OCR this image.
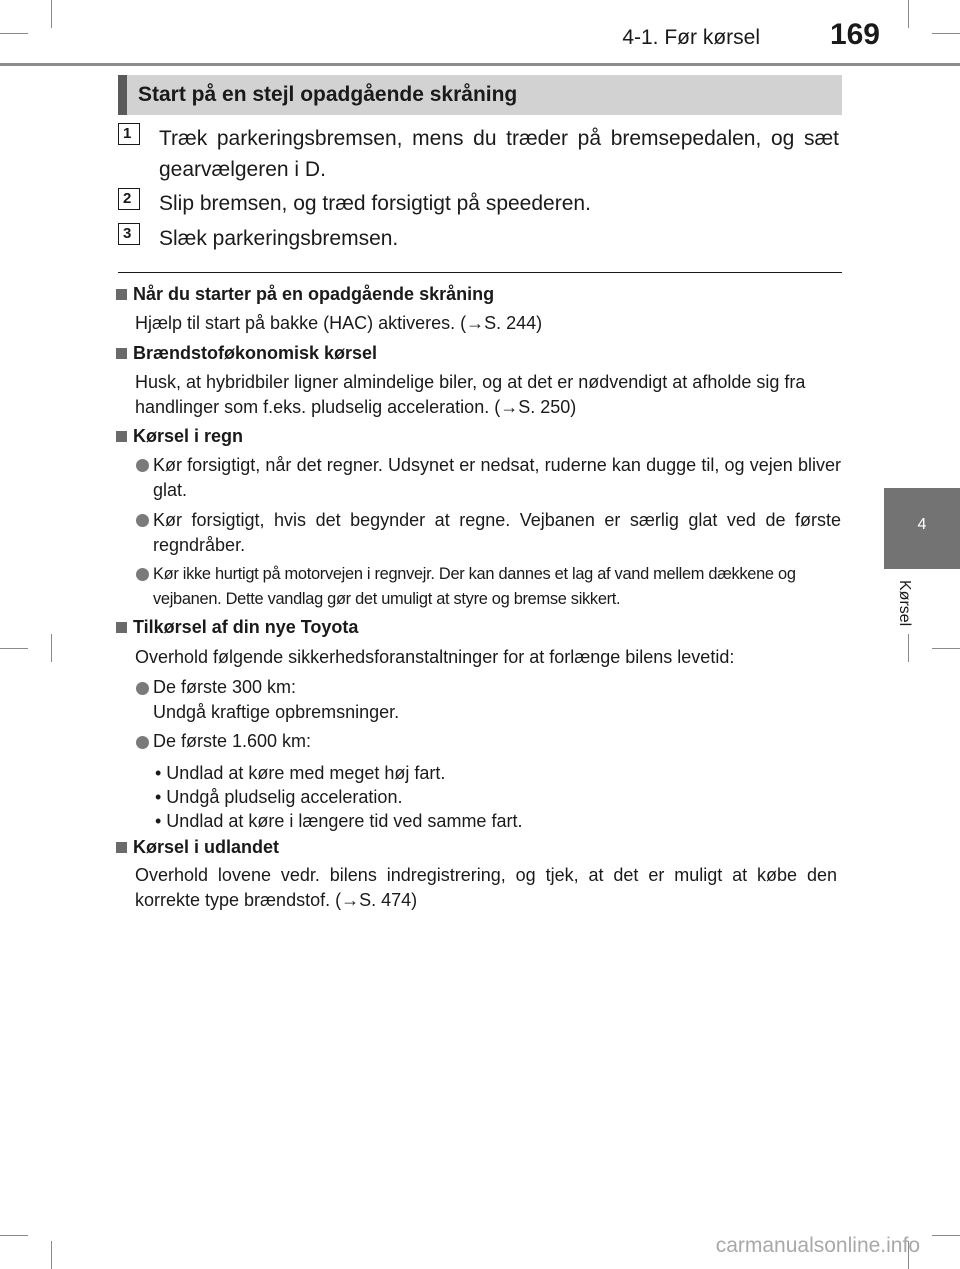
4-1. Før kørsel	169
4
Kørsel
Start på en stejl opadgående skråning
1	Træk parkeringsbremsen, mens du træder på bremsepedalen, og sæt gearvælgeren i D.
2	Slip bremsen, og træd forsigtigt på speederen.
3	Slæk parkeringsbremsen.
Når du starter på en opadgående skråning
Hjælp til start på bakke (HAC) aktiveres. (→S. 244)
Brændstoføkonomisk kørsel
Husk, at hybridbiler ligner almindelige biler, og at det er nødvendigt at afholde sig fra handlinger som f.eks. pludselig acceleration. (→S. 250)
Kørsel i regn
Kør forsigtigt, når det regner. Udsynet er nedsat, ruderne kan dugge til, og vejen bliver glat.
Kør forsigtigt, hvis det begynder at regne. Vejbanen er særlig glat ved de første regndråber.
Kør ikke hurtigt på motorvejen i regnvejr. Der kan dannes et lag af vand mellem dækkene og vejbanen. Dette vandlag gør det umuligt at styre og bremse sikkert.
Tilkørsel af din nye Toyota
Overhold følgende sikkerhedsforanstaltninger for at forlænge bilens levetid:
De første 300 km:
Undgå kraftige opbremsninger.
De første 1.600 km:
• Undlad at køre med meget høj fart.
• Undgå pludselig acceleration.
• Undlad at køre i længere tid ved samme fart.
Kørsel i udlandet
Overhold lovene vedr. bilens indregistrering, og tjek, at det er muligt at købe den korrekte type brændstof. (→S. 474)
carmanualsonline.info
